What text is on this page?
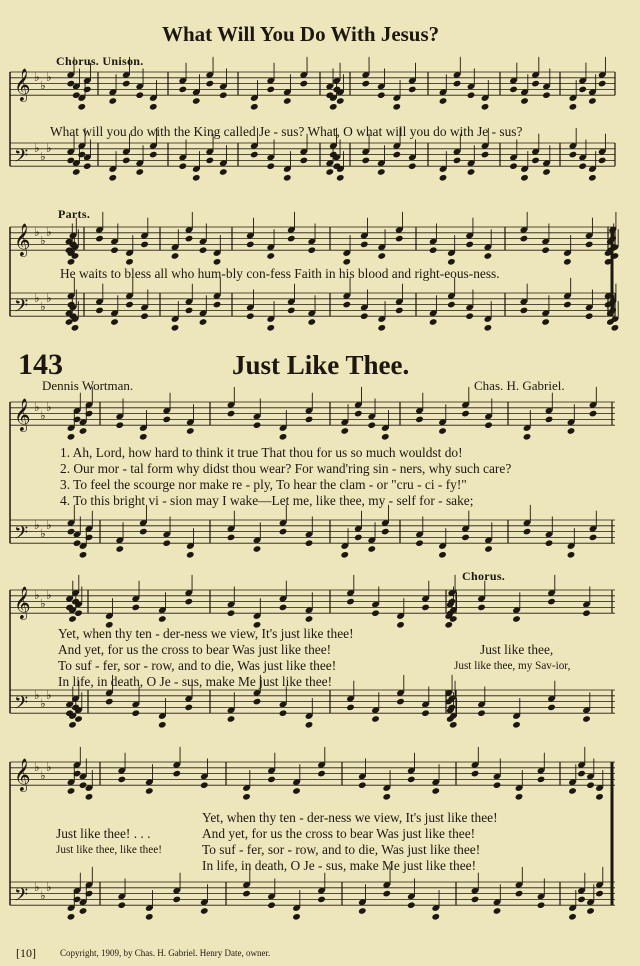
𝄞 ♭
♭
♭
𝄢 ♭
♭
♭
𝄞 ♭
♭
♭
𝄢 ♭
♭
♭
𝄞 ♭
♭
♭
𝄢 ♭
♭
♭
𝄞 ♭
♭
♭
𝄢 ♭
♭
♭
𝄞 ♭
♭
♭
𝄢 ♭
♭
♭
What Will You Do With Jesus?
Chorus. Unison.
What will you do with the King called Je - sus? What, O what will you do with Je - sus?
Parts.
He waits to bless all who hum-bly con-fess Faith in his blood and right-eous-ness.
143	Just Like Thee.
Dennis Wortman.	Chas. H. Gabriel.
1. Ah, Lord, how hard to think it true That thou for us so much wouldst do!
2. Our mor - tal form why didst thou wear? For wand'ring sin - ners, why such care?
3. To feel the scourge nor make re - ply, To hear the clam - or "cru - ci - fy!"
4. To this bright vi - sion may I wake—Let me, like thee, my - self for - sake;
Chorus.
Yet, when thy ten - der-ness we view, It's just like thee!
And yet, for us the cross to bear Was just like thee!
To suf - fer, sor - row, and to die, Was just like thee!
In life, in death, O Je - sus, make Me just like thee!
Just like thee,
Just like thee, my Sav-ior,
Yet, when thy ten - der-ness we view, It's just like thee!
Just like thee! . . .	And yet, for us the cross to bear Was just like thee!
Just like thee, like thee!	To suf - fer, sor - row, and to die, Was just like thee!
In life, in death, O Je - sus, make Me just like thee!
[10]	Copyright, 1909, by Chas. H. Gabriel. Henry Date, owner.
